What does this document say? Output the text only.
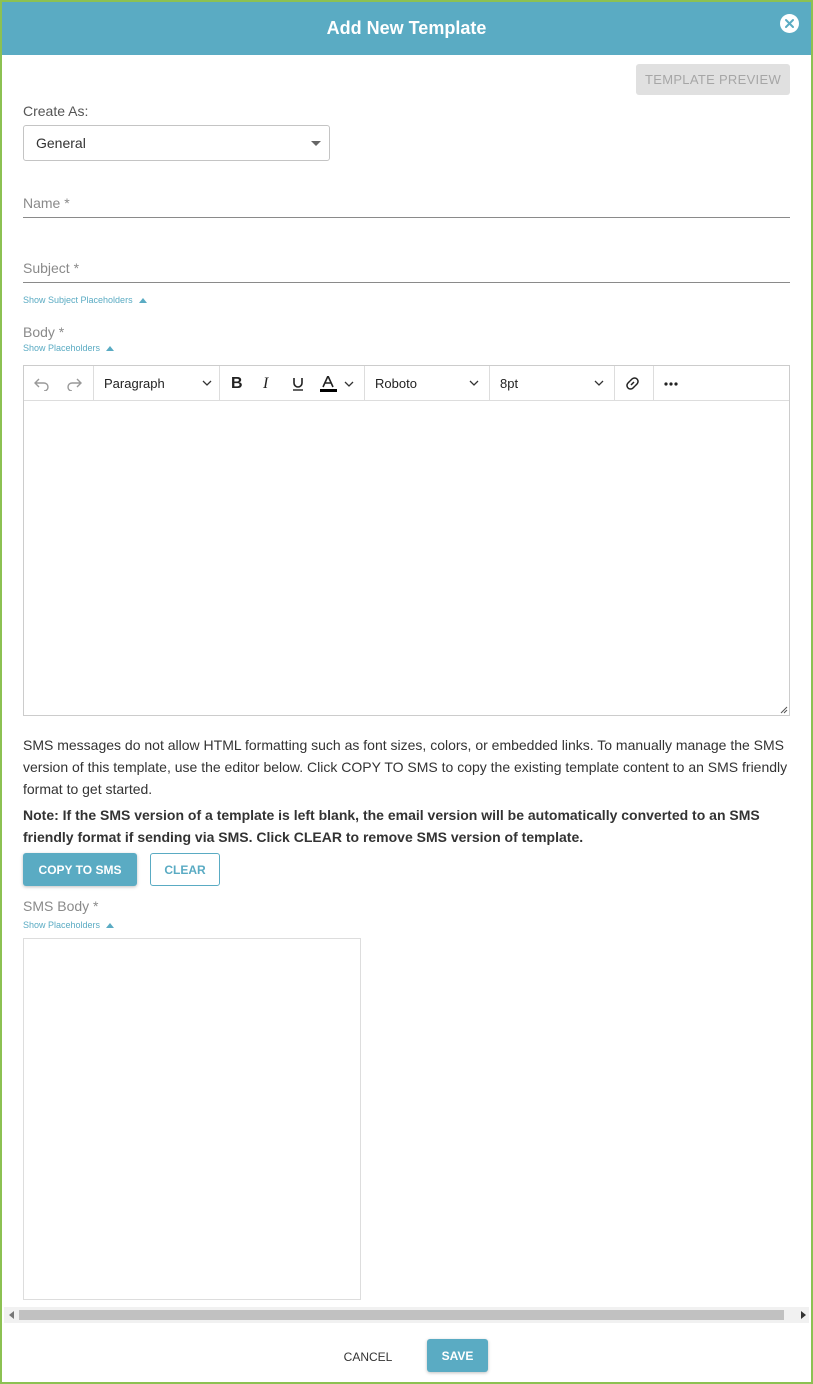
Add New Template
TEMPLATE PREVIEW
Create As:
General
Name *
Subject *
Show Subject Placeholders
Body *
Show Placeholders
Paragraph	B I	Roboto	8pt
SMS messages do not allow HTML formatting such as font sizes, colors, or embedded links. To manually manage the SMS version of this template, use the editor below. Click COPY TO SMS to copy the existing template content to an SMS friendly format to get started.
Note: If the SMS version of a template is left blank, the email version will be automatically converted to an SMS friendly format if sending via SMS. Click CLEAR to remove SMS version of template.
COPY TO SMS	CLEAR
SMS Body *
Show Placeholders
CANCEL	SAVE
